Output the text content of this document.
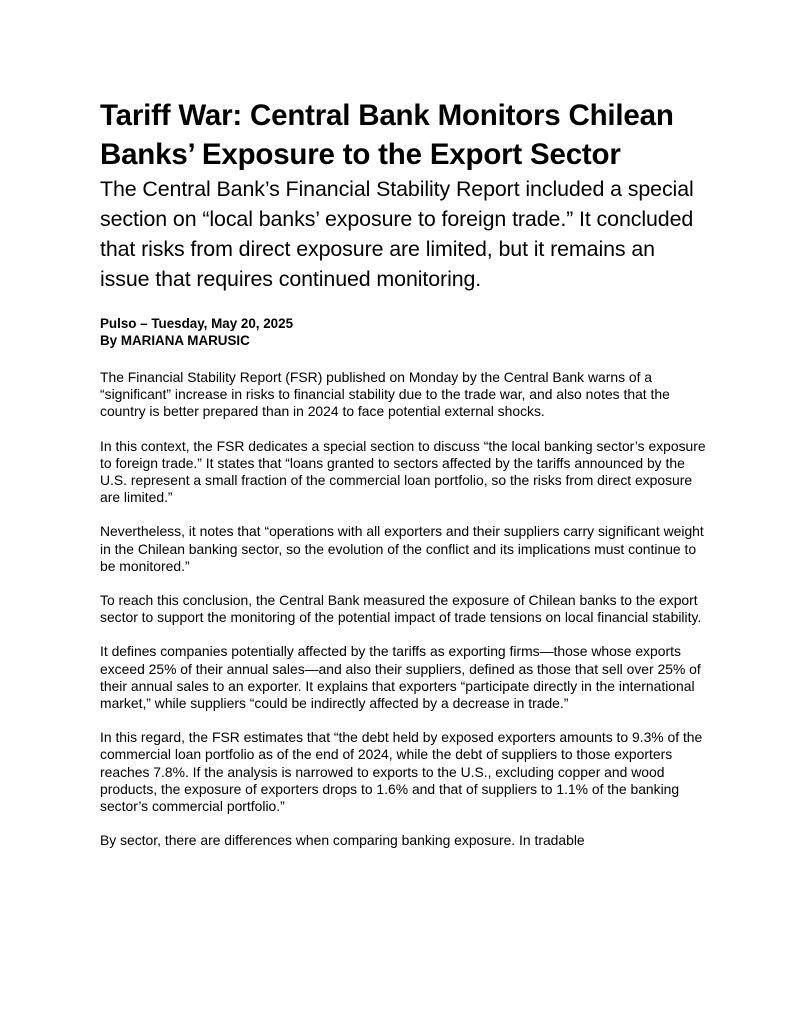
Tariff War: Central Bank Monitors Chilean Banks’ Exposure to the Export Sector
The Central Bank’s Financial Stability Report included a special section on “local banks’ exposure to foreign trade.” It concluded that risks from direct exposure are limited, but it remains an issue that requires continued monitoring.
Pulso – Tuesday, May 20, 2025
By MARIANA MARUSIC

The Financial Stability Report (FSR) published on Monday by the Central Bank warns of a “significant” increase in risks to financial stability due to the trade war, and also notes that the country is better prepared than in 2024 to face potential external shocks.

In this context, the FSR dedicates a special section to discuss “the local banking sector’s exposure to foreign trade.” It states that “loans granted to sectors affected by the tariffs announced by the U.S. represent a small fraction of the commercial loan portfolio, so the risks from direct exposure are limited.”

Nevertheless, it notes that “operations with all exporters and their suppliers carry significant weight in the Chilean banking sector, so the evolution of the conflict and its implications must continue to be monitored.”

To reach this conclusion, the Central Bank measured the exposure of Chilean banks to the export sector to support the monitoring of the potential impact of trade tensions on local financial stability.

It defines companies potentially affected by the tariffs as exporting firms—those whose exports exceed 25% of their annual sales—and also their suppliers, defined as those that sell over 25% of their annual sales to an exporter. It explains that exporters “participate directly in the international market,” while suppliers “could be indirectly affected by a decrease in trade.”

In this regard, the FSR estimates that “the debt held by exposed exporters amounts to 9.3% of the commercial loan portfolio as of the end of 2024, while the debt of suppliers to those exporters reaches 7.8%. If the analysis is narrowed to exports to the U.S., excluding copper and wood products, the exposure of exporters drops to 1.6% and that of suppliers to 1.1% of the banking sector’s commercial portfolio.”

By sector, there are differences when comparing banking exposure. In tradable
